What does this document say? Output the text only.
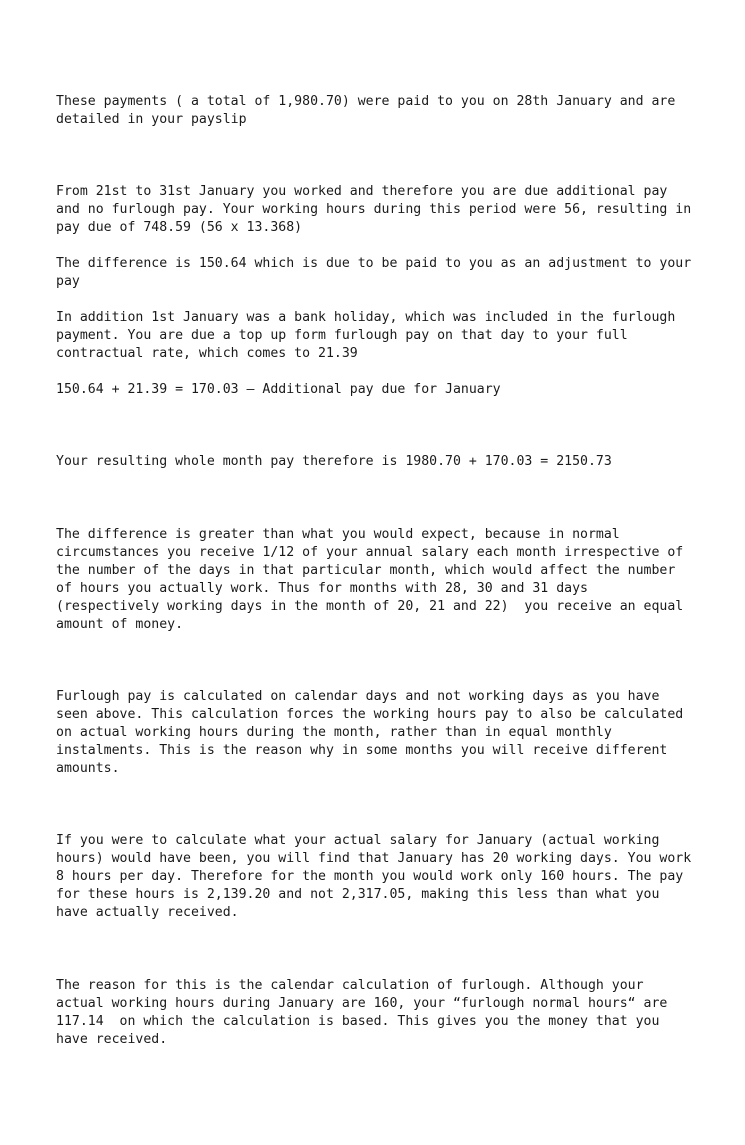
These payments ( a total of 1,980.70) were paid to you on 28th January and are
detailed in your payslip

From 21st to 31st January you worked and therefore you are due additional pay
and no furlough pay. Your working hours during this period were 56, resulting in
pay due of 748.59 (56 x 13.368)

The difference is 150.64 which is due to be paid to you as an adjustment to your
pay

In addition 1st January was a bank holiday, which was included in the furlough
payment. You are due a top up form furlough pay on that day to your full
contractual rate, which comes to 21.39

150.64 + 21.39 = 170.03 – Additional pay due for January

Your resulting whole month pay therefore is 1980.70 + 170.03 = 2150.73

The difference is greater than what you would expect, because in normal
circumstances you receive 1/12 of your annual salary each month irrespective of
the number of the days in that particular month, which would affect the number
of hours you actually work. Thus for months with 28, 30 and 31 days
(respectively working days in the month of 20, 21 and 22)  you receive an equal
amount of money.

Furlough pay is calculated on calendar days and not working days as you have
seen above. This calculation forces the working hours pay to also be calculated
on actual working hours during the month, rather than in equal monthly
instalments. This is the reason why in some months you will receive different
amounts.

If you were to calculate what your actual salary for January (actual working
hours) would have been, you will find that January has 20 working days. You work
8 hours per day. Therefore for the month you would work only 160 hours. The pay
for these hours is 2,139.20 and not 2,317.05, making this less than what you
have actually received.

The reason for this is the calendar calculation of furlough. Although your
actual working hours during January are 160, your “furlough normal hours“ are
117.14  on which the calculation is based. This gives you the money that you
have received.
